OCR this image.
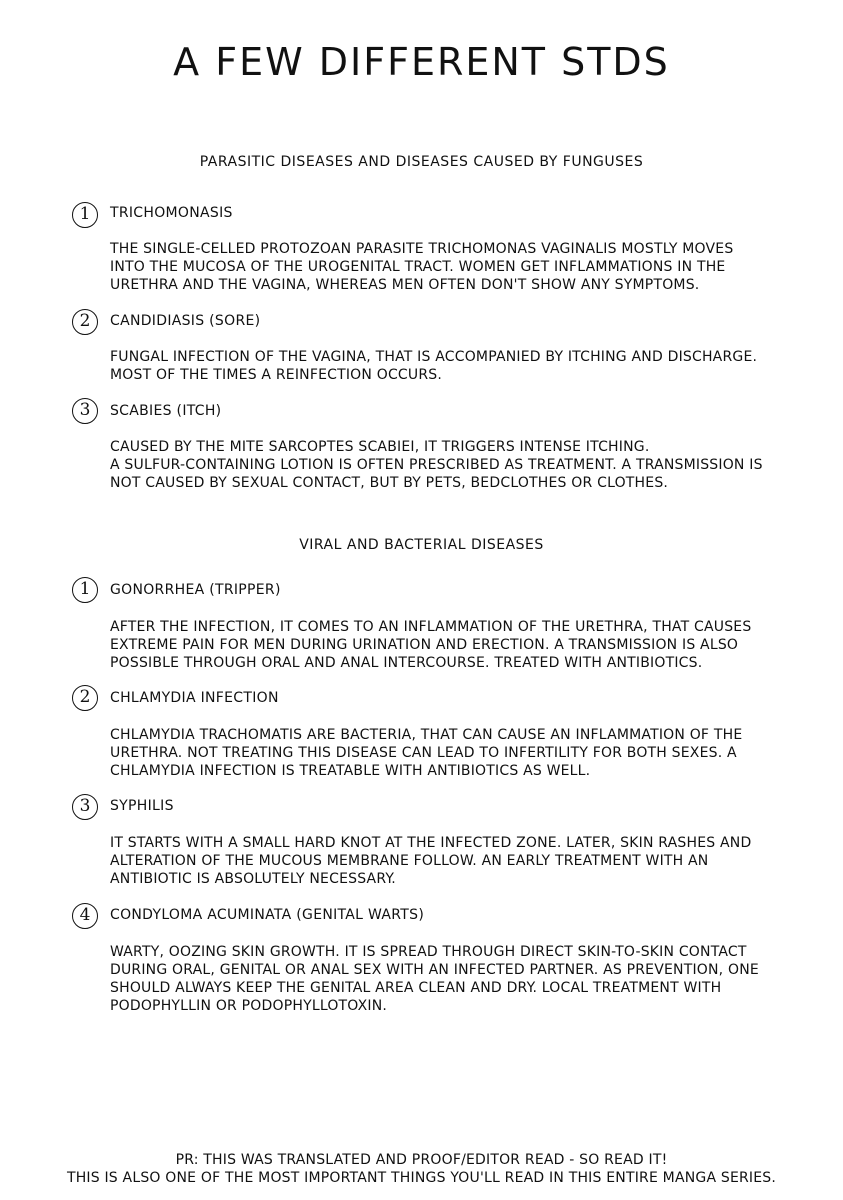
A FEW DIFFERENT STDS
PARASITIC DISEASES AND DISEASES CAUSED BY FUNGUSES
1	TRICHOMONASIS
THE SINGLE-CELLED PROTOZOAN PARASITE TRICHOMONAS VAGINALIS MOSTLY MOVES
INTO THE MUCOSA OF THE UROGENITAL TRACT. WOMEN GET INFLAMMATIONS IN THE
URETHRA AND THE VAGINA, WHEREAS MEN OFTEN DON'T SHOW ANY SYMPTOMS.
2	CANDIDIASIS (SORE)
FUNGAL INFECTION OF THE VAGINA, THAT IS ACCOMPANIED BY ITCHING AND DISCHARGE.
MOST OF THE TIMES A REINFECTION OCCURS.
3	SCABIES (ITCH)
CAUSED BY THE MITE SARCOPTES SCABIEI, IT TRIGGERS INTENSE ITCHING.
A SULFUR-CONTAINING LOTION IS OFTEN PRESCRIBED AS TREATMENT. A TRANSMISSION IS
NOT CAUSED BY SEXUAL CONTACT, BUT BY PETS, BEDCLOTHES OR CLOTHES.
VIRAL AND BACTERIAL DISEASES
1	GONORRHEA (TRIPPER)
AFTER THE INFECTION, IT COMES TO AN INFLAMMATION OF THE URETHRA, THAT CAUSES
EXTREME PAIN FOR MEN DURING URINATION AND ERECTION. A TRANSMISSION IS ALSO
POSSIBLE THROUGH ORAL AND ANAL INTERCOURSE. TREATED WITH ANTIBIOTICS.
2	CHLAMYDIA INFECTION
CHLAMYDIA TRACHOMATIS ARE BACTERIA, THAT CAN CAUSE AN INFLAMMATION OF THE
URETHRA. NOT TREATING THIS DISEASE CAN LEAD TO INFERTILITY FOR BOTH SEXES. A
CHLAMYDIA INFECTION IS TREATABLE WITH ANTIBIOTICS AS WELL.
3	SYPHILIS
IT STARTS WITH A SMALL HARD KNOT AT THE INFECTED ZONE. LATER, SKIN RASHES AND
ALTERATION OF THE MUCOUS MEMBRANE FOLLOW. AN EARLY TREATMENT WITH AN
ANTIBIOTIC IS ABSOLUTELY NECESSARY.
4	CONDYLOMA ACUMINATA (GENITAL WARTS)
WARTY, OOZING SKIN GROWTH. IT IS SPREAD THROUGH DIRECT SKIN-TO-SKIN CONTACT
DURING ORAL, GENITAL OR ANAL SEX WITH AN INFECTED PARTNER. AS PREVENTION, ONE
SHOULD ALWAYS KEEP THE GENITAL AREA CLEAN AND DRY. LOCAL TREATMENT WITH
PODOPHYLLIN OR PODOPHYLLOTOXIN.
PR: THIS WAS TRANSLATED AND PROOF/EDITOR READ - SO READ IT!
THIS IS ALSO ONE OF THE MOST IMPORTANT THINGS YOU'LL READ IN THIS ENTIRE MANGA SERIES.
